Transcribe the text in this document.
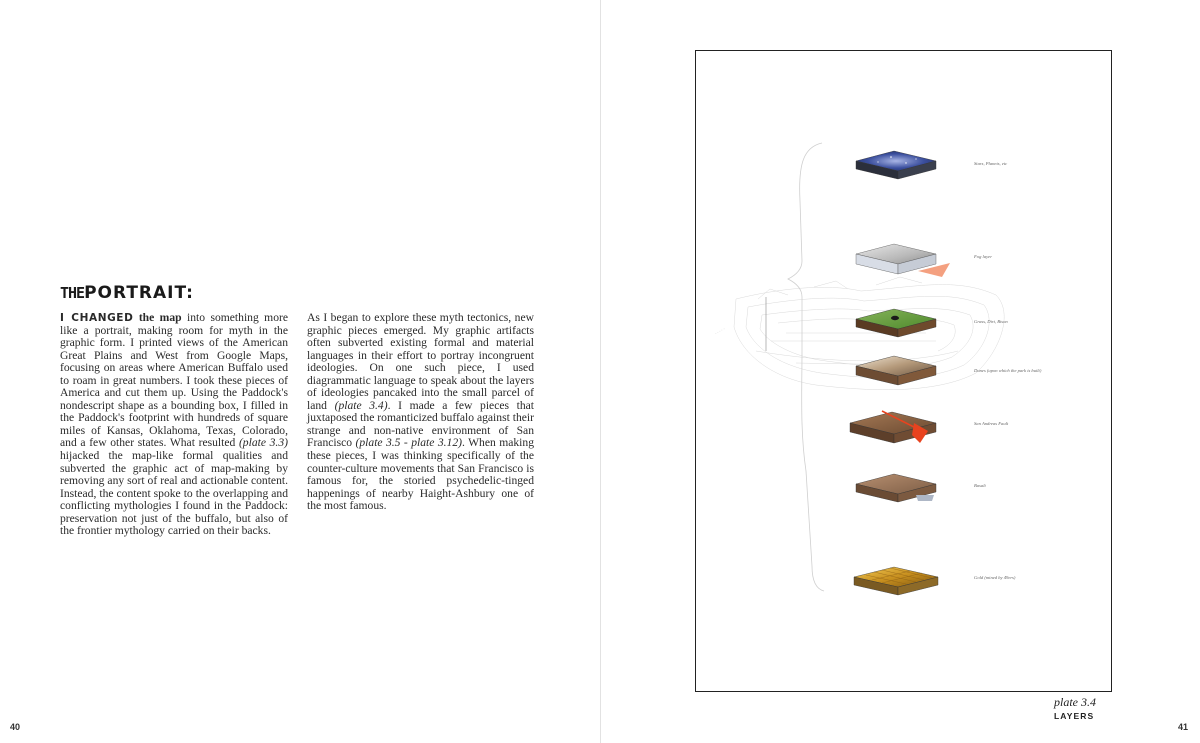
THEPORTRAIT:
I CHANGED the map into something more like a portrait, making room for myth in the graphic form. I printed views of the American Great Plains and West from Google Maps, focusing on areas where American Buffalo used to roam in great numbers. I took these pieces of America and cut them up. Using the Paddock's nondescript shape as a bounding box, I filled in the Paddock's footprint with hundreds of square miles of Kansas, Oklahoma, Texas, Colorado, and a few other states. What resulted (plate 3.3) hijacked the map-like formal qualities and subverted the graphic act of map-making by removing any sort of real and actionable content. Instead, the content spoke to the overlapping and conflicting mythologies I found in the Paddock: preservation not just of the buffalo, but also of the frontier mythology carried on their backs.
As I began to explore these myth tectonics, new graphic pieces emerged. My graphic artifacts often subverted existing formal and material languages in their effort to portray incongruent ideologies. On one such piece, I used diagrammatic language to speak about the layers of ideologies pancaked into the small parcel of land (plate 3.4). I made a few pieces that juxtaposed the romanticized buffalo against their strange and non-native environment of San Francisco (plate 3.5 - plate 3.12). When making these pieces, I was thinking specifically of the counter-culture movements that San Francisco is famous for, the storied psychedelic-tinged happenings of nearby Haight-Ashbury one of the most famous.
40	41
· · · · ·
Stars, Planets, etc
Fog layer
Grass, Dirt, Bison
Dunes (upon which the park is built)
San Andreas Fault
Basalt
Gold (mined by 49ers)
plate 3.4
LAYERS
